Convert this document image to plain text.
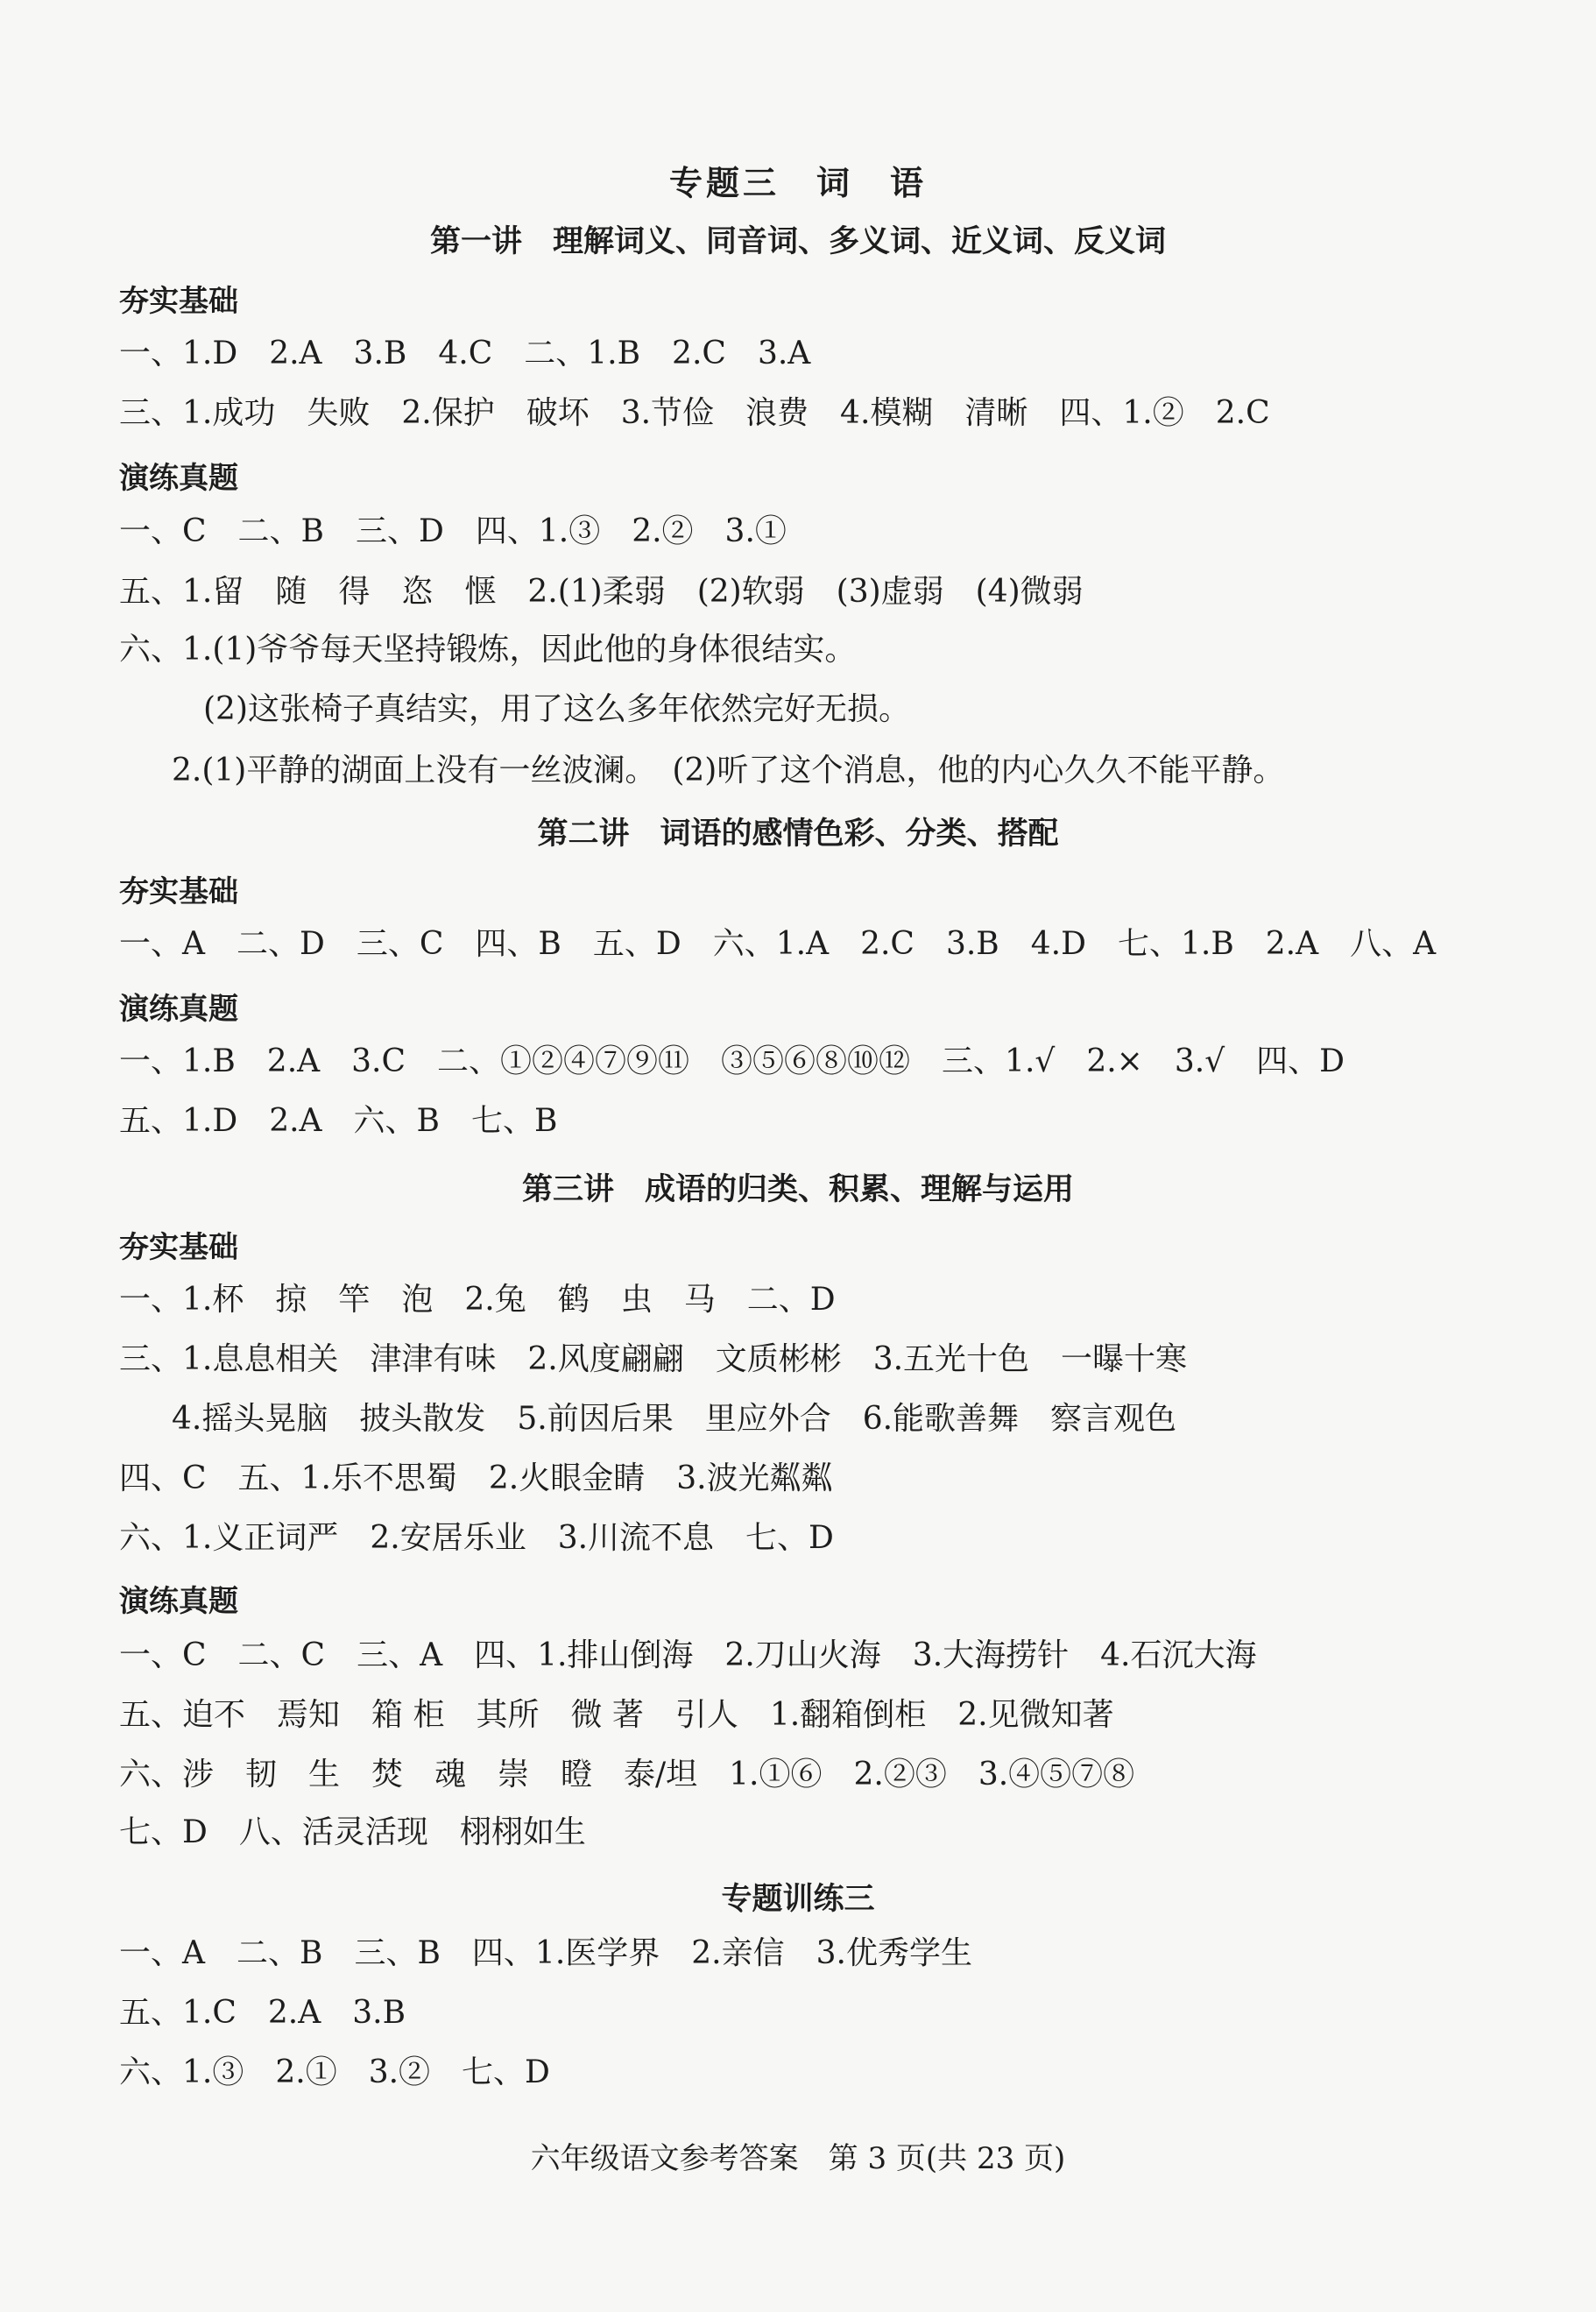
专题三　词　语
第一讲　理解词义、同音词、多义词、近义词、反义词
夯实基础
一、1.D　2.A　3.B　4.C　二、1.B　2.C　3.A
三、1.成功　失败　2.保护　破坏　3.节俭　浪费　4.模糊　清晰　四、1.②　2.C
演练真题
一、C　二、B　三、D　四、1.③　2.②　3.①
五、1.留　随　得　恣　惬　2.(1)柔弱　(2)软弱　(3)虚弱　(4)微弱
六、1.(1)爷爷每天坚持锻炼，因此他的身体很结实。
(2)这张椅子真结实，用了这么多年依然完好无损。
2.(1)平静的湖面上没有一丝波澜。　(2)听了这个消息，他的内心久久不能平静。
第二讲　词语的感情色彩、分类、搭配
夯实基础
一、A　二、D　三、C　四、B　五、D　六、1.A　2.C　3.B　4.D　七、1.B　2.A　八、A
演练真题
一、1.B　2.A　3.C　二、①②④⑦⑨⑪　③⑤⑥⑧⑩⑫　三、1.√　2.×　3.√　四、D
五、1.D　2.A　六、B　七、B
第三讲　成语的归类、积累、理解与运用
夯实基础
一、1.杯　掠　竿　泡　2.兔　鹤　虫　马　二、D
三、1.息息相关　津津有味　2.风度翩翩　文质彬彬　3.五光十色　一曝十寒
4.摇头晃脑　披头散发　5.前因后果　里应外合　6.能歌善舞　察言观色
四、C　五、1.乐不思蜀　2.火眼金睛　3.波光粼粼
六、1.义正词严　2.安居乐业　3.川流不息　七、D
演练真题
一、C　二、C　三、A　四、1.排山倒海　2.刀山火海　3.大海捞针　4.石沉大海
五、迫不　焉知　箱 柜　其所　微 著　引人　1.翻箱倒柜　2.见微知著
六、涉　韧　生　焚　魂　崇　瞪　泰/坦　1.①⑥　2.②③　3.④⑤⑦⑧
七、D　八、活灵活现　栩栩如生
专题训练三
一、A　二、B　三、B　四、1.医学界　2.亲信　3.优秀学生
五、1.C　2.A　3.B
六、1.③　2.①　3.②　七、D
六年级语文参考答案　第 3 页(共 23 页)
